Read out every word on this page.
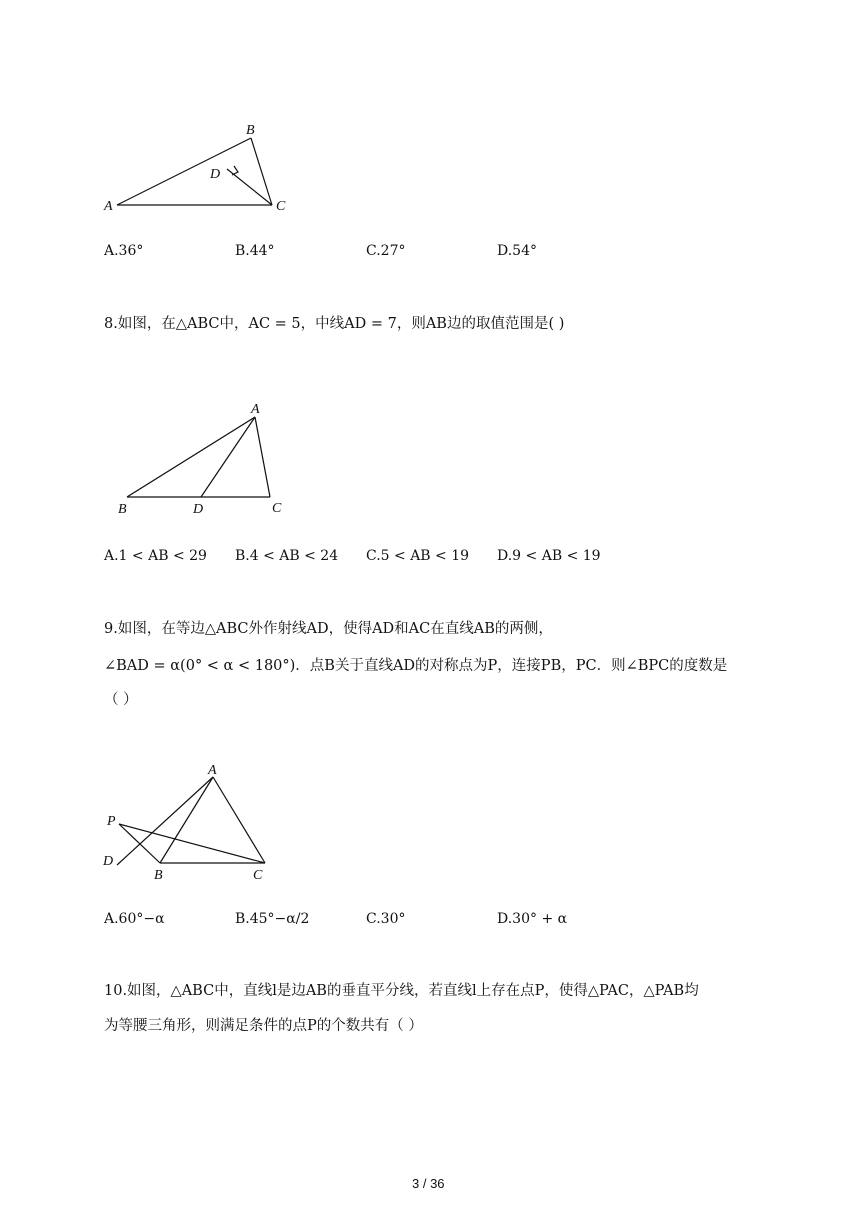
A
B
C
D
A.36°	B.44°	C.27°	D.54°
8.如图，在△ABC中，AC = 5，中线AD = 7，则AB边的取值范围是( )
A
B	D	C
A.1 < AB < 29 B.4 < AB < 24 C.5 < AB < 19 D.9 < AB < 19
9.如图，在等边△ABC外作射线AD，使得AD和AC在直线AB的两侧，
∠BAD = α(0° < α < 180°)．点B关于直线AD的对称点为P，连接PB，PC．则∠BPC的度数是
（ ）
A
P
D
B	C
A.60°−α	B.45°−α/2	C.30°	D.30° + α
10.如图，△ABC中，直线l是边AB的垂直平分线，若直线l上存在点P，使得△PAC，△PAB均
为等腰三角形，则满足条件的点P的个数共有（ ）
3 / 36
